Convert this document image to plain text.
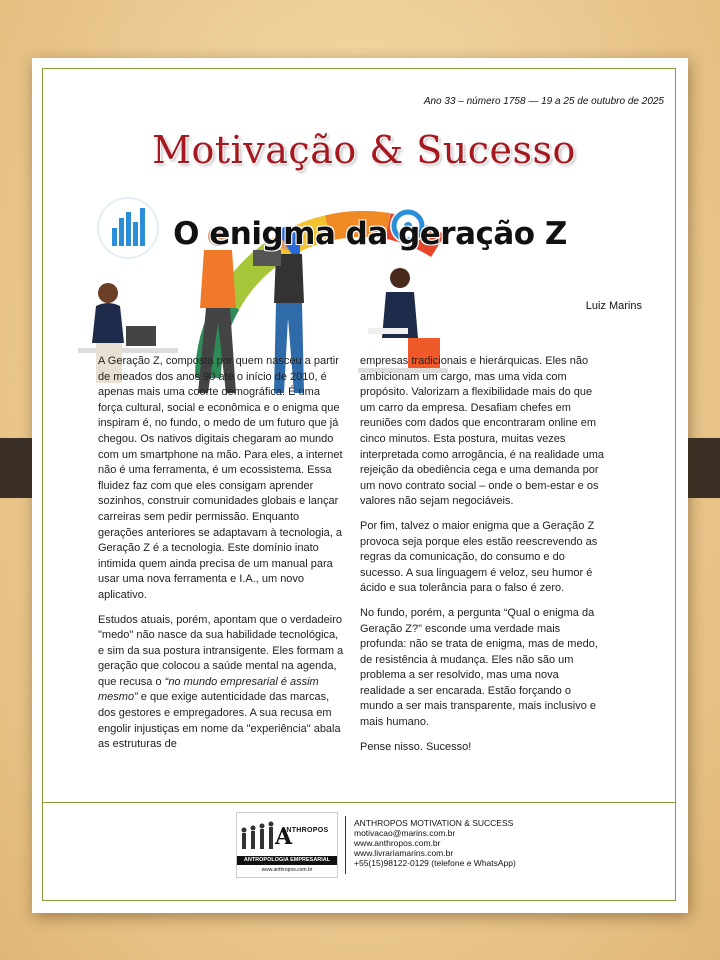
Ano 33 – número 1758 — 19 a 25 de outubro de 2025
Motivação & Sucesso
O enigma da geração Z
Luiz Marins

A Geração Z, composta por quem nasceu a partir de meados dos anos 90 até o início de 2010, é apenas mais uma coorte demográfica. É uma força cultural, social e econômica e o enigma que inspiram é, no fundo, o medo de um futuro que já chegou. Os nativos digitais chegaram ao mundo com um smartphone na mão. Para eles, a internet não é uma ferramenta, é um ecossistema. Essa fluidez faz com que eles consigam aprender sozinhos, construir comunidades globais e lançar carreiras sem pedir permissão. Enquanto gerações anteriores se adaptavam à tecnologia, a Geração Z é a tecnologia. Este domínio inato intimida quem ainda precisa de um manual para usar uma nova ferramenta e I.A., um novo aplicativo.

Estudos atuais, porém, apontam que o verdadeiro "medo" não nasce da sua habilidade tecnológica, e sim da sua postura intransigente. Eles formam a geração que colocou a saúde mental na agenda, que recusa o “no mundo empresarial é assim mesmo” e que exige autenticidade das marcas, dos gestores e empregadores. A sua recusa em engolir injustiças em nome da "experiência" abala as estruturas de

empresas tradicionais e hierárquicas. Eles não ambicionam um cargo, mas uma vida com propósito. Valorizam a flexibilidade mais do que um carro da empresa. Desafiam chefes em reuniões com dados que encontraram online em cinco minutos. Esta postura, muitas vezes interpretada como arrogância, é na realidade uma rejeição da obediência cega e uma demanda por um novo contrato social – onde o bem-estar e os valores não sejam negociáveis.

Por fim, talvez o maior enigma que a Geração Z provoca seja porque eles estão reescrevendo as regras da comunicação, do consumo e do sucesso. A sua linguagem é veloz, seu humor é ácido e sua tolerância para o falso é zero.

No fundo, porém, a pergunta “Qual o enigma da Geração Z?" esconde uma verdade mais profunda: não se trata de enigma, mas de medo, de resistência à mudança. Eles não são um problema a ser resolvido, mas uma nova realidade a ser encarada. Estão forçando o mundo a ser mais transparente, mais inclusivo e mais humano.

Pense nisso. Sucesso!

A
ANTHROPOS
ANTROPOLOGIA EMPRESARIAL
www.anthropos.com.br
ANTHROPOS MOTIVATION & SUCCESS
motivacao@marins.com.br
www.anthropos.com.br
www.livrariamarins.com.br
+55(15)98122-0129 (telefone e WhatsApp)
